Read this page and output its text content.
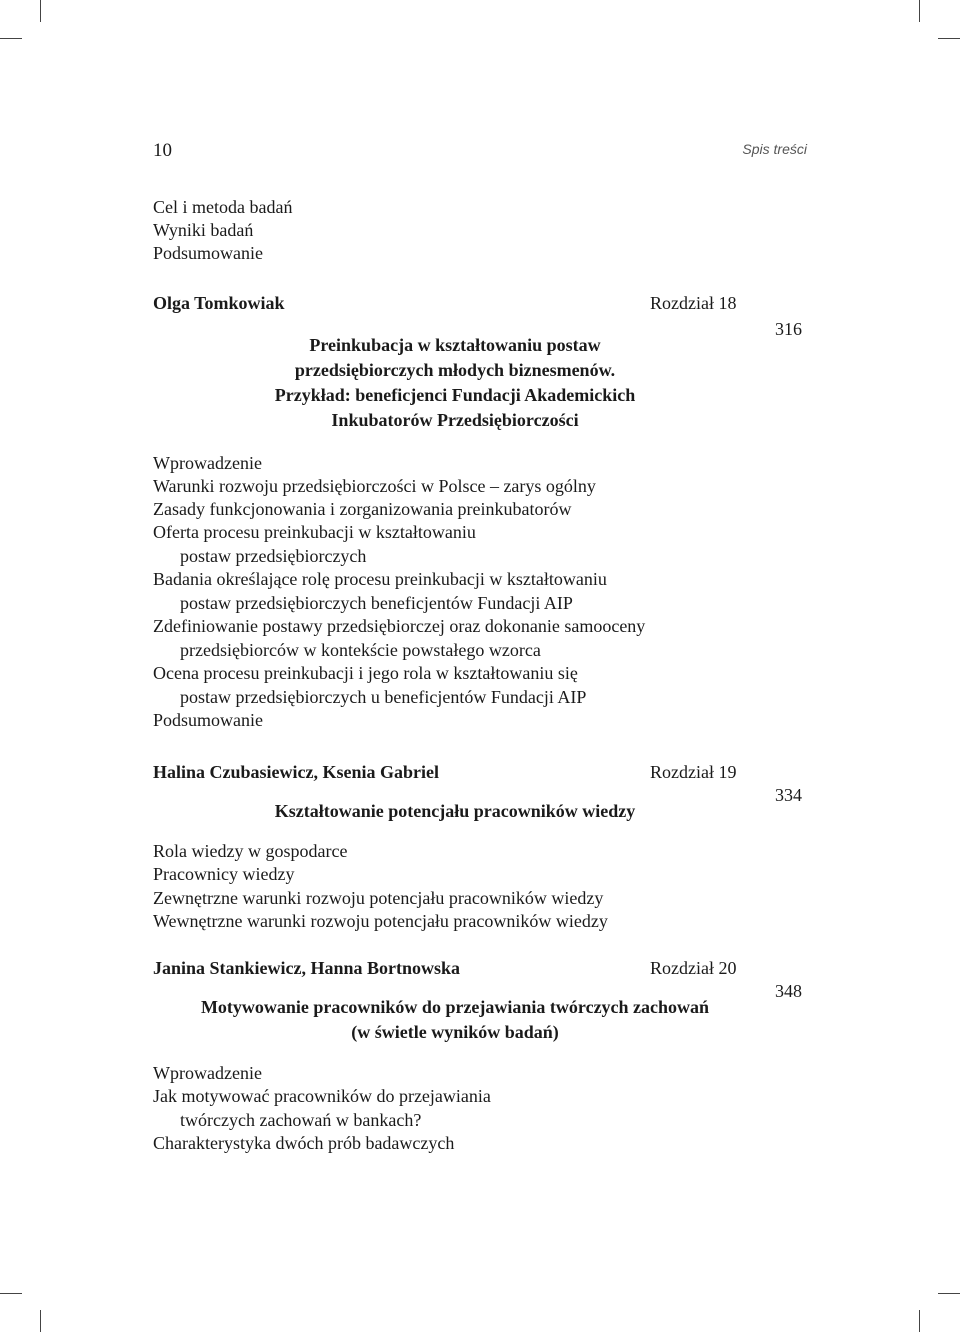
10	Spis treści
Cel i metoda badań
Wyniki badań
Podsumowanie
Olga Tomkowiak	Rozdział 18
316
Preinkubacja w kształtowaniu postaw
przedsiębiorczych młodych biznesmenów.
Przykład: beneficjenci Fundacji Akademickich
Inkubatorów Przedsiębiorczości
Wprowadzenie
Warunki rozwoju przedsiębiorczości w Polsce – zarys ogólny
Zasady funkcjonowania i zorganizowania preinkubatorów
Oferta procesu preinkubacji w kształtowaniu
postaw przedsiębiorczych
Badania określające rolę procesu preinkubacji w kształtowaniu
postaw przedsiębiorczych beneficjentów Fundacji AIP
Zdefiniowanie postawy przedsiębiorczej oraz dokonanie samooceny
przedsiębiorców w kontekście powstałego wzorca
Ocena procesu preinkubacji i jego rola w kształtowaniu się
postaw przedsiębiorczych u beneficjentów Fundacji AIP
Podsumowanie
Halina Czubasiewicz, Ksenia Gabriel	Rozdział 19
334
Kształtowanie potencjału pracowników wiedzy
Rola wiedzy w gospodarce
Pracownicy wiedzy
Zewnętrzne warunki rozwoju potencjału pracowników wiedzy
Wewnętrzne warunki rozwoju potencjału pracowników wiedzy
Janina Stankiewicz, Hanna Bortnowska	Rozdział 20
348
Motywowanie pracowników do przejawiania twórczych zachowań
(w świetle wyników badań)
Wprowadzenie
Jak motywować pracowników do przejawiania
twórczych zachowań w bankach?
Charakterystyka dwóch prób badawczych
